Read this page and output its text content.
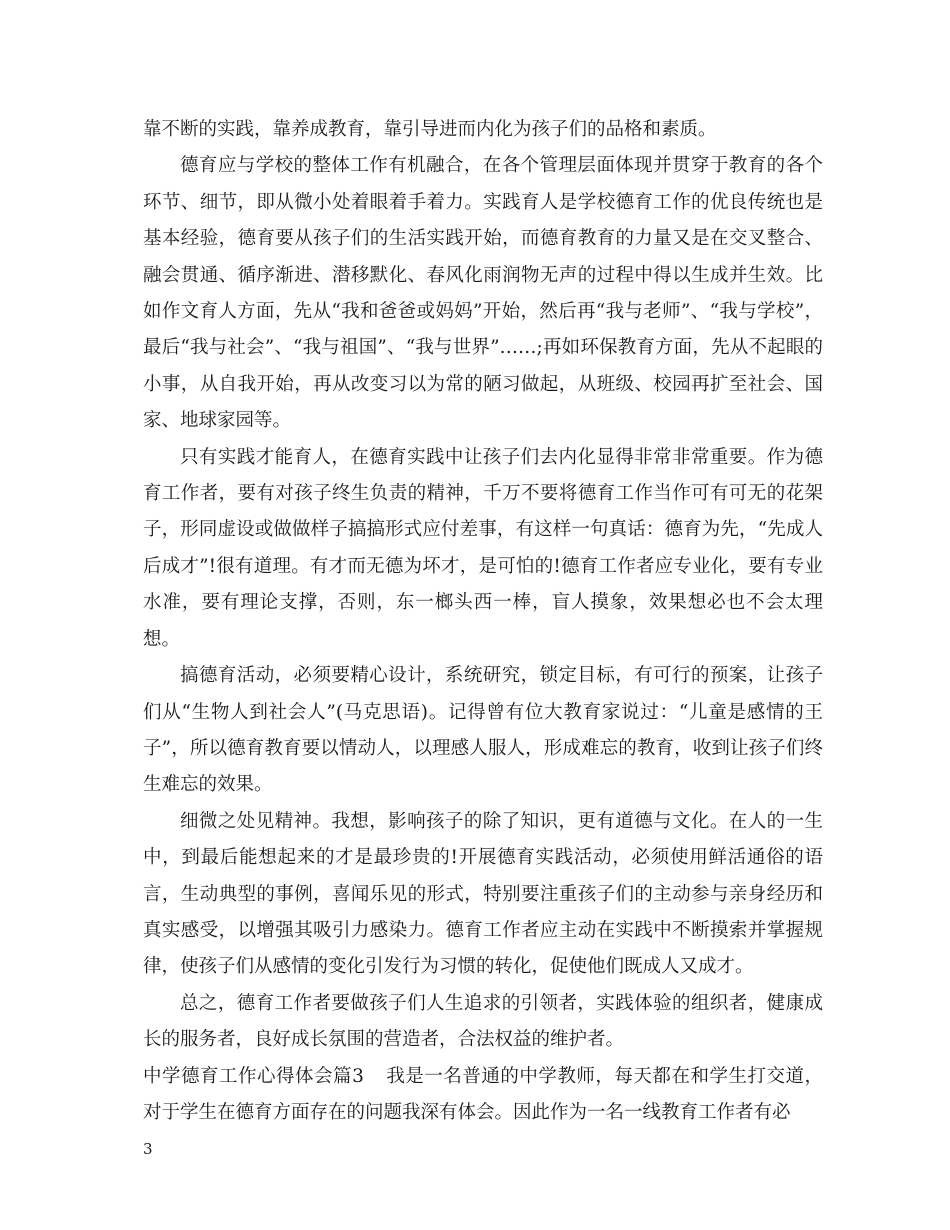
靠不断的实践，靠养成教育，靠引导进而内化为孩子们的品格和素质。

德育应与学校的整体工作有机融合，在各个管理层面体现并贯穿于教育的各个环节、细节，即从微小处着眼着手着力。实践育人是学校德育工作的优良传统也是基本经验，德育要从孩子们的生活实践开始，而德育教育的力量又是在交叉整合、融会贯通、循序渐进、潜移默化、春风化雨润物无声的过程中得以生成并生效。比如作文育人方面，先从“我和爸爸或妈妈”开始，然后再“我与老师”、“我与学校”，最后“我与社会”、“我与祖国”、“我与世界”……;再如环保教育方面，先从不起眼的小事，从自我开始，再从改变习以为常的陋习做起，从班级、校园再扩至社会、国家、地球家园等。

只有实践才能育人，在德育实践中让孩子们去内化显得非常非常重要。作为德育工作者，要有对孩子终生负责的精神，千万不要将德育工作当作可有可无的花架子，形同虚设或做做样子搞搞形式应付差事，有这样一句真话：德育为先，“先成人后成才”!很有道理。有才而无德为坏才，是可怕的!德育工作者应专业化，要有专业水准，要有理论支撑，否则，东一榔头西一棒，盲人摸象，效果想必也不会太理想。

搞德育活动，必须要精心设计，系统研究，锁定目标，有可行的预案，让孩子们从“生物人到社会人”(马克思语)。记得曾有位大教育家说过：“儿童是感情的王子”，所以德育教育要以情动人，以理感人服人，形成难忘的教育，收到让孩子们终生难忘的效果。

细微之处见精神。我想，影响孩子的除了知识，更有道德与文化。在人的一生中，到最后能想起来的才是最珍贵的!开展德育实践活动，必须使用鲜活通俗的语言，生动典型的事例，喜闻乐见的形式，特别要注重孩子们的主动参与亲身经历和真实感受，以增强其吸引力感染力。德育工作者应主动在实践中不断摸索并掌握规律，使孩子们从感情的变化引发行为习惯的转化，促使他们既成人又成才。

总之，德育工作者要做孩子们人生追求的引领者，实践体验的组织者，健康成长的服务者，良好成长氛围的营造者，合法权益的维护者。

中学德育工作心得体会篇3 我是一名普通的中学教师，每天都在和学生打交道，对于学生在德育方面存在的问题我深有体会。因此作为一名一线教育工作者有必

3
